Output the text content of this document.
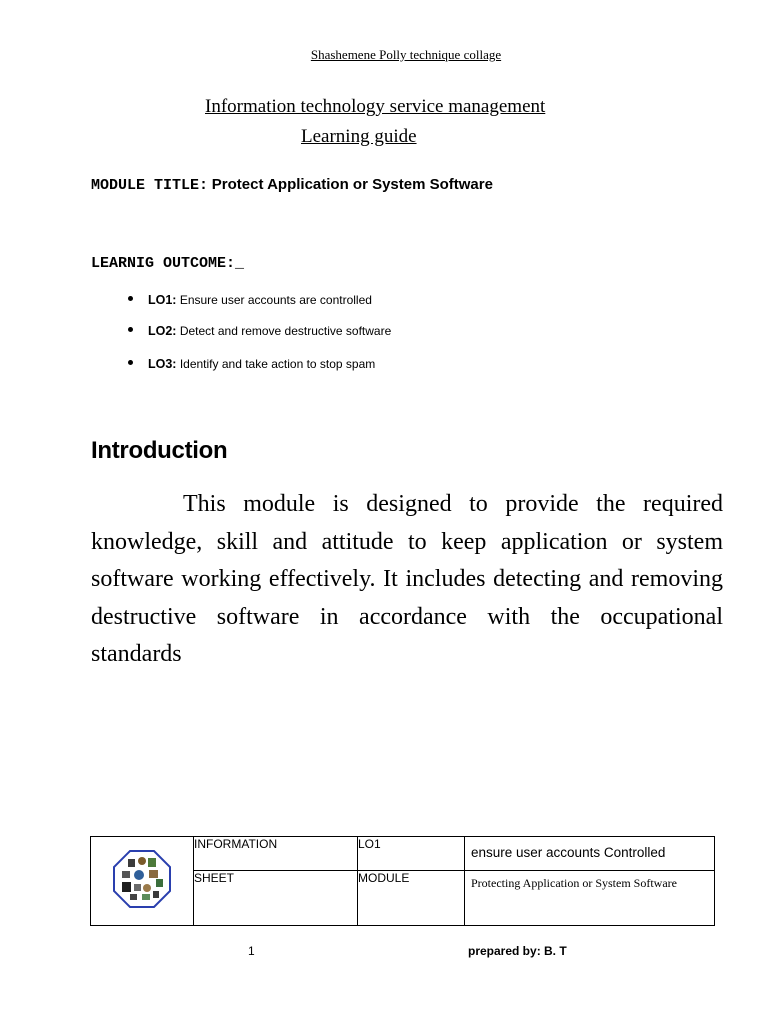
Shashemene Polly technique collage
Information technology service management
Learning guide
MODULE TITLE: Protect Application or System Software
LEARNIG OUTCOME:_
LO1: Ensure user accounts are controlled
LO2: Detect and remove destructive software
LO3: Identify and take action to stop spam
Introduction
This module is designed to provide the required knowledge, skill and attitude to keep application or system software working effectively. It includes detecting and removing destructive software in accordance with the occupational standards
	INFORMATION	LO1	ensure user accounts Controlled
	SHEET	MODULE	Protecting Application or System Software
1	prepared by: B. T
